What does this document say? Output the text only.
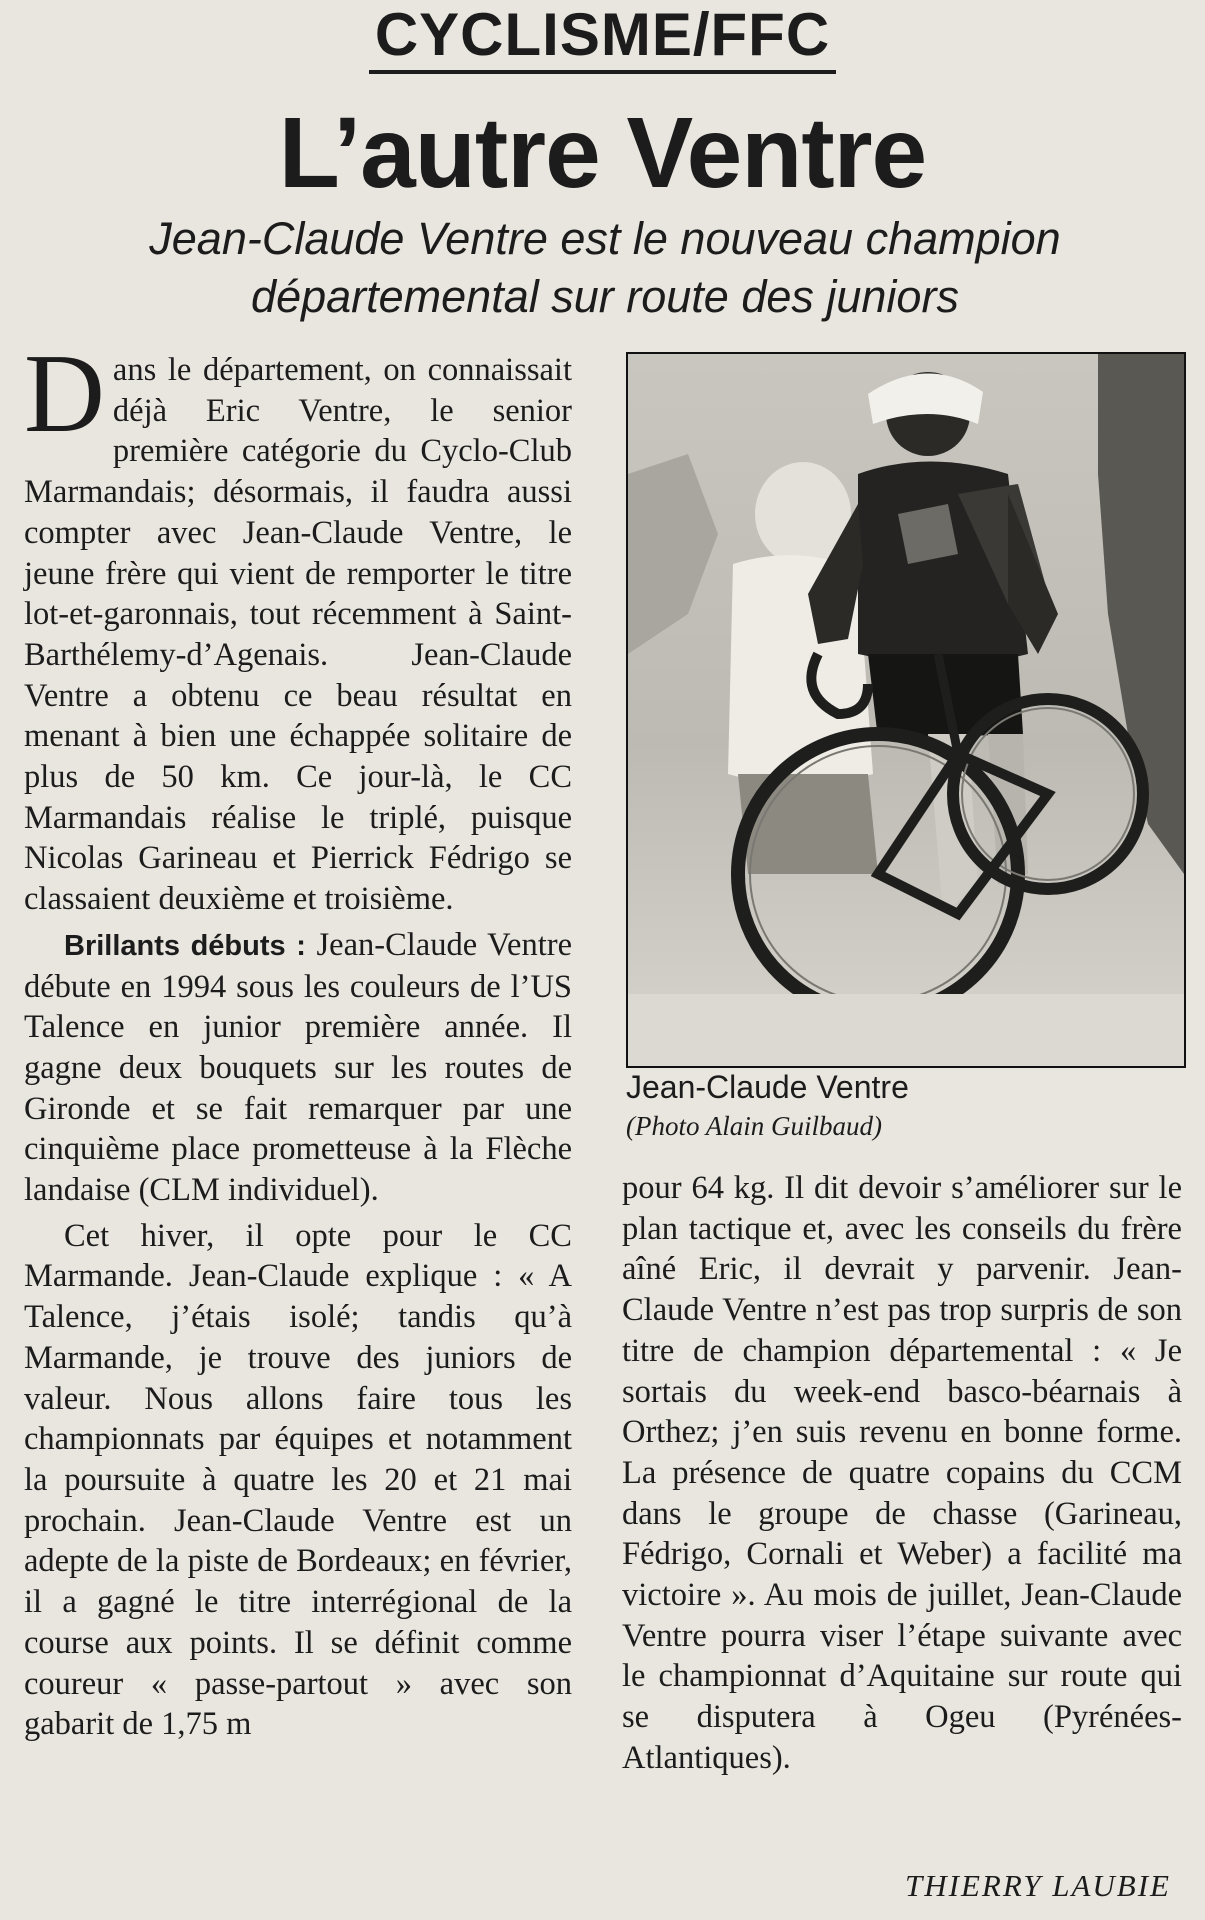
CYCLISME/FFC
L’autre Ventre
Jean-Claude Ventre est le nouveau champion départemental sur route des juniors

Dans le département, on connaissait déjà Eric Ventre, le senior première catégorie du Cyclo-Club Marmandais; désormais, il faudra aussi compter avec Jean-Claude Ventre, le jeune frère qui vient de remporter le titre lot-et-garonnais, tout récemment à Saint-Barthélemy-d’Agenais. Jean-Claude Ventre a obtenu ce beau résultat en menant à bien une échappée solitaire de plus de 50 km. Ce jour-là, le CC Marmandais réalise le triplé, puisque Nicolas Garineau et Pierrick Fédrigo se classaient deuxième et troisième.

Brillants débuts : Jean-Claude Ventre débute en 1994 sous les couleurs de l’US Talence en junior première année. Il gagne deux bouquets sur les routes de Gironde et se fait remarquer par une cinquième place prometteuse à la Flèche landaise (CLM individuel).

Cet hiver, il opte pour le CC Marmande. Jean-Claude explique : « A Talence, j’étais isolé; tandis qu’à Marmande, je trouve des juniors de valeur. Nous allons faire tous les championnats par équipes et notamment la poursuite à quatre les 20 et 21 mai prochain. Jean-Claude Ventre est un adepte de la piste de Bordeaux; en février, il a gagné le titre interrégional de la course aux points. Il se définit comme coureur « passe-partout » avec son gabarit de 1,75 m

Jean-Claude Ventre
(Photo Alain Guilbaud)

pour 64 kg. Il dit devoir s’améliorer sur le plan tactique et, avec les conseils du frère aîné Eric, il devrait y parvenir. Jean-Claude Ventre n’est pas trop surpris de son titre de champion départemental : « Je sortais du week-end basco-béarnais à Orthez; j’en suis revenu en bonne forme. La présence de quatre copains du CCM dans le groupe de chasse (Garineau, Fédrigo, Cornali et Weber) a facilité ma victoire ». Au mois de juillet, Jean-Claude Ventre pourra viser l’étape suivante avec le championnat d’Aquitaine sur route qui se disputera à Ogeu (Pyrénées-Atlantiques).

THIERRY LAUBIE
